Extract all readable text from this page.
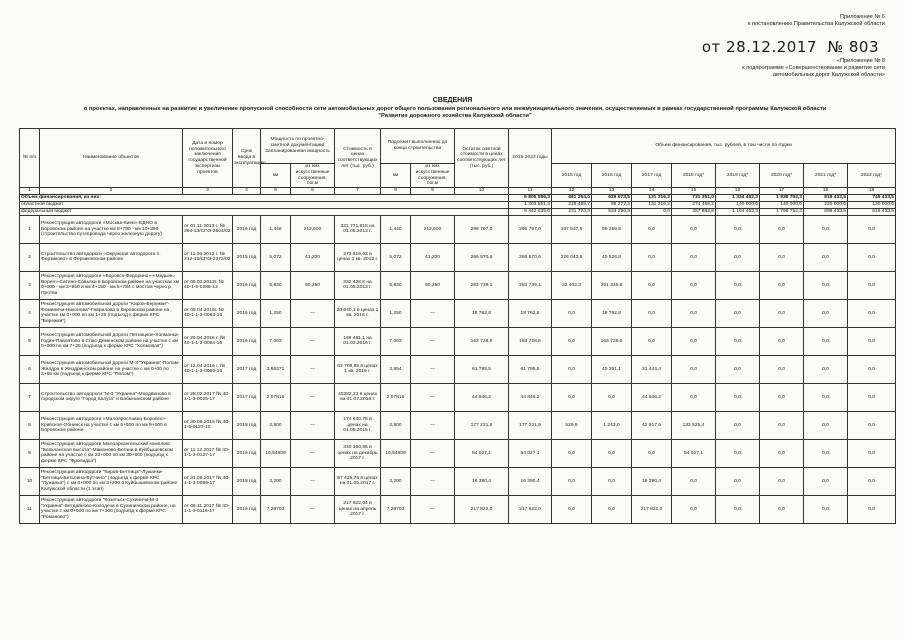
Приложение № 6
к постановлению Правительства Калужской области
от 28.12.2017 № 803
«Приложение № 8
к подпрограмме «Совершенствование и развитие сети
автомобильных дорог Калужской области»
СВЕДЕНИЯ
о проектах, направленных на развитие и увеличение пропускной способности сети автомобильных дорог общего пользования регионального или межмуниципального значения, осуществляемых в рамках государственной программы Калужской области
"Развитие дорожного хозяйства Калужской области"
№ п/п	Наименование объектов	Дата и номер положительного заключения государственной экспертизы проектов	Срок ввода в эксплуатацию	Мощность по проектно-сметной документации/ Запланированная мощность		Стоимость в ценах соответствующих лет (тыс. руб.)	Подлежит выполнению до конца строительства		Остаток сметной стоимости в ценах соответствующих лет (тыс. руб.)	2015-2022 годы	Объем финансирования, тыс. рублей, в том числе по годам							
				км	из них искусственные сооружения, пог.м		км	из них искусственные сооружения, пог.м			2015 год	2016 год	2017 год	2018 год*	2019 год*	2020 год*	2021 год*	2022 год*
1	2	3	4	5	6	7	8	9	10	11	12	13	14	15	16	17	18	19
Объем финансирования, из них:										6 805 586,3	461 264,0	629 673,5	131 316,2	731 351,0	1 334 462,3	1 938 752,3	818 432,5	745 433,5
областной бюджет										1 303 551,3	229 489,7	96 277,2	131 316,2	274 468,2	140 000,0	140 000,0	220 000,0	130 000,0
федеральный бюджет										5 442 035,0	231 774,3	533 296,3	0,0	457 882,8	1 194 462,3	1 798 752,3	698 433,5	615 433,5
1	Реконструкция автодороги «Москва-Киев»-ЕДНО в Боровском районе на участке км 8+790 - км 10+390 (строительство путепровода через железную дорогу)	от 01.11.2013 г. № 394-13/СПЭ-2504/02	2016 год	1,446	212,500	331 771,915 на 01.05.2013 г.	1,440	212,500	296 797,0	296 797,0	197 537,5	99 259,5	0,0	0,0	0,0	0,0	0,0	0,0
2	Строительство автодороги «Окружная автодорога п. Ферзиково» в Ферзиковском районе	от 11.06.2013 г. № 212-13/СПЭ-2372/02	2015 год	5,072	41,200	273 819,63 в ценах 1 кв. 2012 г.	5,072	41,200	266 570,6	266 570,6	226 043,8	40 526,8	0,0	0,0	0,0	0,0	0,0	0,0
3	Реконструкция автодороги «Боровск-Федорино»-«Медынь-Верея»-Сатино-Совьяки в Боровском районе на участках км 0+000 - км 3+950 и км 4+150 - км 5+784 с мостом через р. Протва	от 06.03.2013г. № 40-1-5-0288-13	2016 год	5,830	90,250	332 428,8 на 01.05.2013 г.	5,830	90,250	283 739,1	283 739,1	32 402,3	251 336,8	0,0	0,0	0,0	0,0	0,0	0,0
4	Реконструкция автомобильной дороги "Киров-Бережки"-Фоминичи-Никонова"-Гаврилова в Кировском районе на участке км 0+000 по км 1+25 (подъезд к ферме КРС "Бережки")	от 08.04.2016г. № 40-1-1-3-0063-16	2016 год	1,250	—	20 640,1 в ценах 1 кв. 2016 г.	1,250	—	18 762,8	18 762,8	0,0	18 762,8	0,0	0,0	0,0	0,0	0,0	0,0
5	Реконструкция автомобильной дороги Пятницкое-Хопманка-Годин-Павлятово в Спас-Деменском районе на участке с км 0+000 по км 7+25 (подъезд к ферме КРС "Холмовая")	от 29.04.2016 г. № 40-1-1-3-0084-16	2016 год	7,063	—	169 481,1 на 01.03.2016 г.	7,063	—	163 728,6	163 728,6	0,0	163 728,6	0,0	0,0	0,0	0,0	0,0	0,0
6	Реконструкция автомобильной дороги М-3 "Украина"-Полом-Жилдра в Жиздринском районе на участке с км 0+00 по 3+65 км (подъезд к ферме КРС "Полом")	от 12.04.2016 г. № 40-1-1-3-0069-16	2017 год	3,65371	—	63 708,85 в ценах 1 кв. 2016 г.	3,654	—	61 795,5	61 795,5	0,0	40 351,1	21 444,4	0,0	0,0	0,0	0,0	0,0
7	Строительство автодороги "М-3 "Украина"-Мордвиново в городском округе "Город Калуга" и Бабынинском районе	от 28.02.2017 № 40-1-1-3-0025-17	2017 год	2,07816	—	45382,23 в ценах на 01.07.2016 г.	2,07816	—	44 846,2	44 846,2	0,0	0,0	44 846,2	0,0	0,0	0,0	0,0	0,0
8	Реконструкция автодороги «Малоярославец-Боровск»-Кривское-Обнинск на участке с км 6+500 по км 9+000 в Боровском районе	от 30.06.2015 № 40-1-5-0127-15	2018 год	2,500	—	174 640,78 в ценах на 01.05.2015 г.	2,500	—	177 221,9	177 221,9	529,9	1 243,0	42 917,6	132 525,4	0,0	0,0	0,0	0,0
9	Реконструкция автодороги Малоархангельский комплекс "Бельчанская высота"-Мамоново-Бегани в Куйбышевском районе на участке с км 20+000 по км 30+800 (подъезд к ферме КРС "Фролидка")	от 11.12.2017 № 40-1-1-3-0127-17	2018 год	10,54808	—	330 160,65 в ценах на декабрь 2017 г.	10,54808	—	54 027,1	54 027,1	0,0	0,0	0,0	54 027,1	0,0	0,0	0,0	0,0
10	Реконструкция автодороги "Киров-Бетлица"-Лужанки-"Бетлица-Бетьпина-Бутчино" (подъезд к ферме КРС "Лужанка") с км 0+000 по км 3+200 в Куйбышевском районе Калужской области (1 этап)	от 31.08.2017 № 40-1-1-3-0089-17	2018 год	3,200	—	97 425,76 в ценах на 01.05.2017 г.	3,200	—	16 390,4	16 390,4	0,0	0,0	16 390,4	0,0	0,0	0,0	0,0	0,0
11	Реконструкция автодороги "Козельск-Сухиничи-М-3 "Украина"-Бетдайново-Колодези в Сухиничском районе, на участке с км 0+000 по км 7+300 (подъезд к ферме КРС "Романово")	от 09.11.2017 № 40-1-1-3-0116-17	2018 год	7,29703	—	217 822,04 в ценах на апрель 2017 г.	7,29703	—	217 822,0	217 822,0	0,0	0,0	217 822,0	0,0	0,0	0,0	0,0	0,0
